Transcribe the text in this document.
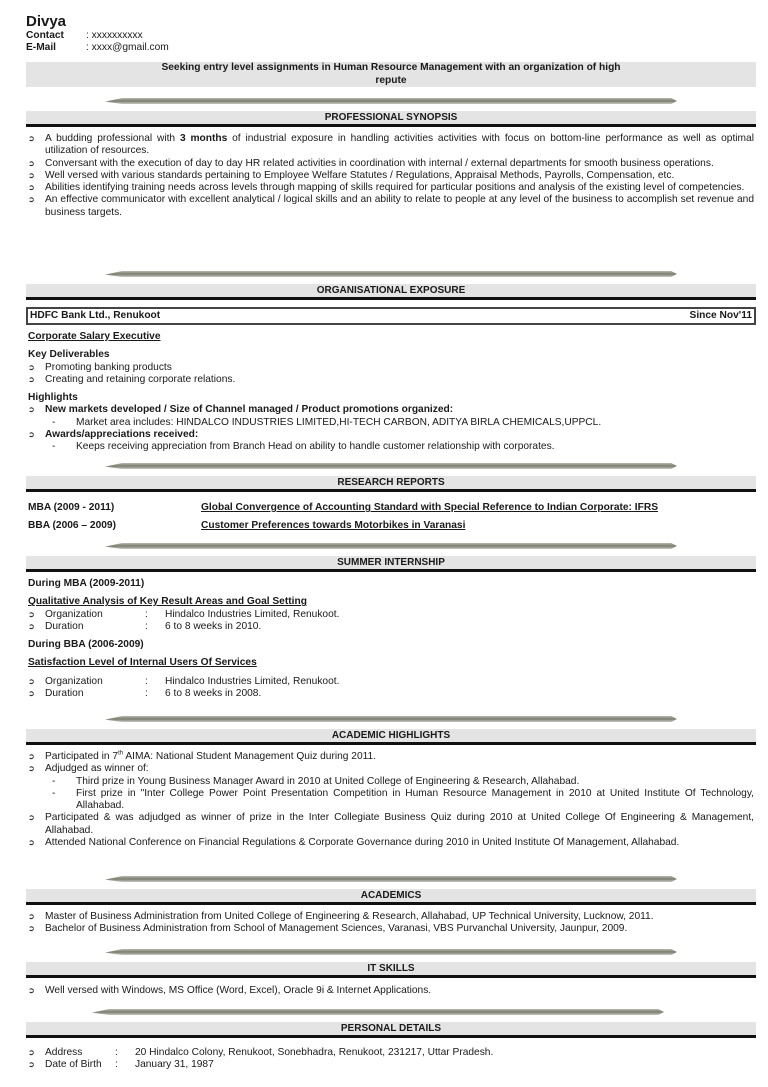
Divya
Contact	: xxxxxxxxxx
E-Mail	: xxxx@gmail.com
Seeking entry level assignments in Human Resource Management with an organization of high repute
PROFESSIONAL SYNOPSIS
➲ A budding professional with 3 months of industrial exposure in handling activities activities with focus on bottom-line performance as well as optimal utilization of resources.
➲ Conversant with the execution of day to day HR related activities in coordination with internal / external departments for smooth business operations.
➲ Well versed with various standards pertaining to Employee Welfare Statutes / Regulations, Appraisal Methods, Payrolls, Compensation, etc.
➲ Abilities identifying training needs across levels through mapping of skills required for particular positions and analysis of the existing level of competencies.
➲ An effective communicator with excellent analytical / logical skills and an ability to relate to people at any level of the business to accomplish set revenue and business targets.
ORGANISATIONAL EXPOSURE
HDFC Bank Ltd., Renukoot	Since Nov'11
Corporate Salary Executive
Key Deliverables
➲ Promoting banking products
➲ Creating and retaining corporate relations.
Highlights
➲ New markets developed / Size of Channel managed / Product promotions organized:
- Market area includes: HINDALCO INDUSTRIES LIMITED,HI-TECH CARBON, ADITYA BIRLA CHEMICALS,UPPCL.
➲ Awards/appreciations received:
- Keeps receiving appreciation from Branch Head on ability to handle customer relationship with corporates.
RESEARCH REPORTS
MBA (2009 - 2011)	Global Convergence of Accounting Standard with Special Reference to Indian Corporate: IFRS
BBA (2006 – 2009)	Customer Preferences towards Motorbikes in Varanasi
SUMMER INTERNSHIP
During MBA (2009-2011)
Qualitative Analysis of Key Result Areas and Goal Setting
➲ Organization	:	Hindalco Industries Limited, Renukoot.
➲ Duration	:	6 to 8 weeks in 2010.
During BBA (2006-2009)
Satisfaction Level of Internal Users Of Services
➲ Organization	:	Hindalco Industries Limited, Renukoot.
➲ Duration	:	6 to 8 weeks in 2008.
ACADEMIC HIGHLIGHTS
➲ Participated in 7th AIMA: National Student Management Quiz during 2011.
➲ Adjudged as winner of:
- Third prize in Young Business Manager Award in 2010 at United College of Engineering & Research, Allahabad.
- First prize in "Inter College Power Point Presentation Competition in Human Resource Management in 2010 at United Institute Of Technology, Allahabad.
➲ Participated & was adjudged as winner of prize in the Inter Collegiate Business Quiz during 2010 at United College Of Engineering & Management, Allahabad.
➲ Attended National Conference on Financial Regulations & Corporate Governance during 2010 in United Institute Of Management, Allahabad.
ACADEMICS
➲ Master of Business Administration from United College of Engineering & Research, Allahabad, UP Technical University, Lucknow, 2011.
➲ Bachelor of Business Administration from School of Management Sciences, Varanasi, VBS Purvanchal University, Jaunpur, 2009.
IT SKILLS
➲ Well versed with Windows, MS Office (Word, Excel), Oracle 9i & Internet Applications.
PERSONAL DETAILS
➲ Address	:	20 Hindalco Colony, Renukoot, Sonebhadra, Renukoot, 231217, Uttar Pradesh.
➲ Date of Birth	:	January 31, 1987
